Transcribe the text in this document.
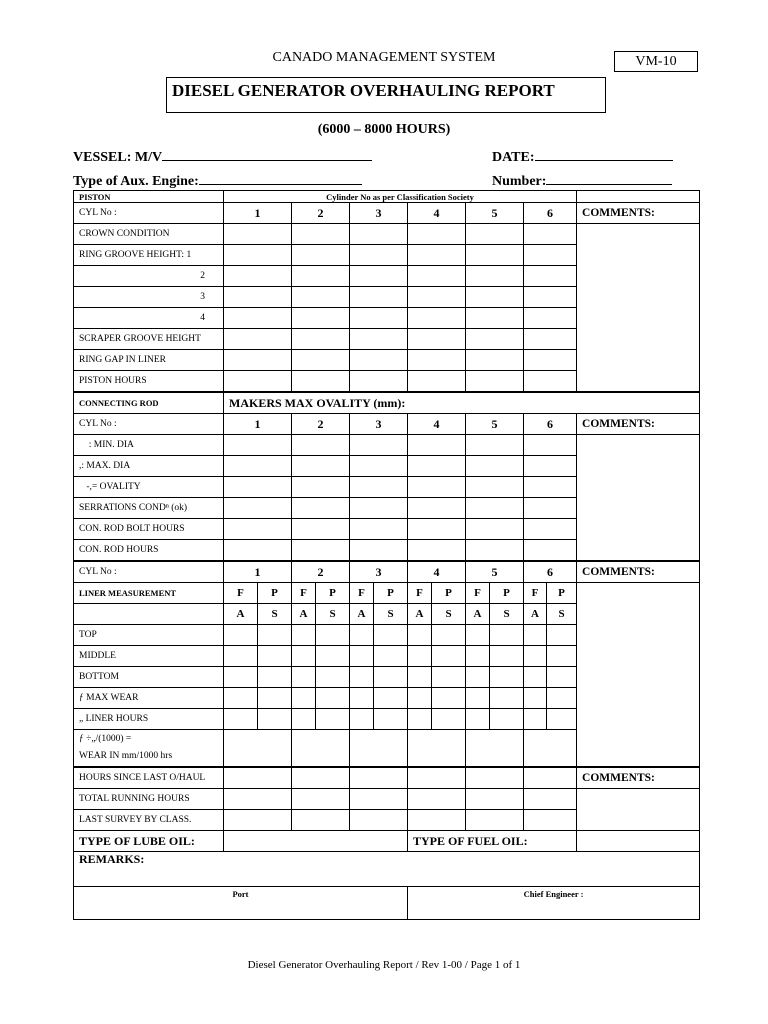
CANADO MANAGEMENT SYSTEM	VM-10
DIESEL GENERATOR OVERHAULING REPORT
(6000 – 8000 HOURS)
VESSEL: M/V	DATE:
Type of Aux. Engine:	Number:
PISTON	Cylinder No as per Classification Society												
CYL No :	1		2		3		4		5		6		COMMENTS:
CROWN CONDITION													
RING GROOVE HEIGHT: 1													
2													
3													
4													
SCRAPER GROOVE HEIGHT													
RING GAP IN LINER													
PISTON HOURS													
CONNECTING ROD	MAKERS MAX OVALITY (mm):												
CYL No :	1		2		3		4		5		6		COMMENTS:
  : MIN. DIA													
,: MAX. DIA													
 -,= OVALITY													
SERRATIONS CONDⁿ (ok)													
CON. ROD BOLT HOURS													
CON. ROD HOURS													
CYL No :	1		2		3		4		5		6		COMMENTS:
LINER MEASUREMENT	F	P	F	P	F	P	F	P	F	P	F	P	
	A	S	A	S	A	S	A	S	A	S	A	S	
TOP													
MIDDLE													
BOTTOM													
ƒ MAX WEAR													
„ LINER HOURS													

ƒ ÷„/(1000) =
WEAR IN mm/1000 hrs													

HOURS SINCE LAST O/HAUL													COMMENTS:
TOTAL RUNNING HOURS													
LAST SURVEY BY CLASS.													
TYPE OF LUBE OIL:							TYPE OF FUEL OIL:						
REMARKS:													
Port							Chief Engineer :						
Diesel Generator Overhauling Report / Rev 1-00 / Page 1 of 1
